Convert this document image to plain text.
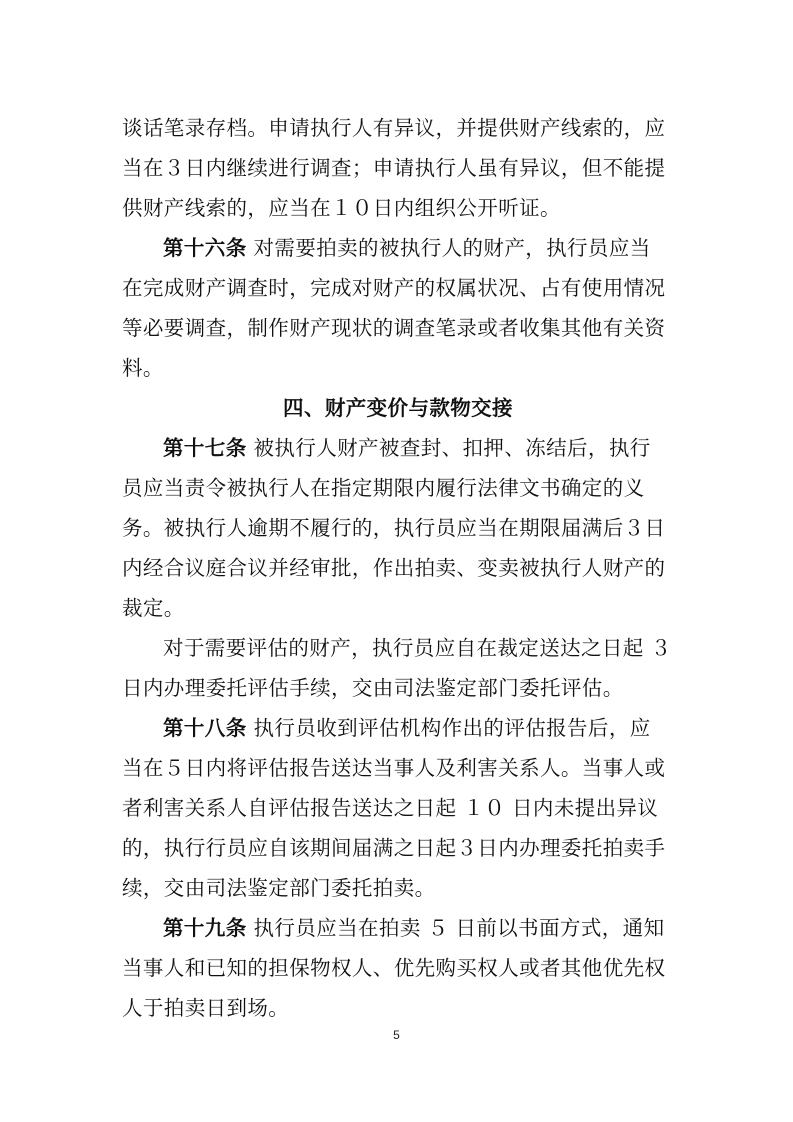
谈话笔录存档。申请执行人有异议，并提供财产线索的，应
当在３日内继续进行调查；申请执行人虽有异议，但不能提
供财产线索的，应当在１０日内组织公开听证。
第十六条 对需要拍卖的被执行人的财产，执行员应当
在完成财产调查时，完成对财产的权属状况、占有使用情况
等必要调查，制作财产现状的调查笔录或者收集其他有关资
料。
四、财产变价与款物交接
第十七条 被执行人财产被查封、扣押、冻结后，执行
员应当责令被执行人在指定期限内履行法律文书确定的义
务。被执行人逾期不履行的，执行员应当在期限届满后３日
内经合议庭合议并经审批，作出拍卖、变卖被执行人财产的
裁定。
对于需要评估的财产，执行员应自在裁定送达之日起 ３
日内办理委托评估手续，交由司法鉴定部门委托评估。
第十八条 执行员收到评估机构作出的评估报告后，应
当在５日内将评估报告送达当事人及利害关系人。当事人或
者利害关系人自评估报告送达之日起 １０ 日内未提出异议
的，执行行员应自该期间届满之日起３日内办理委托拍卖手
续，交由司法鉴定部门委托拍卖。
第十九条 执行员应当在拍卖 ５ 日前以书面方式，通知
当事人和已知的担保物权人、优先购买权人或者其他优先权
人于拍卖日到场。
5
